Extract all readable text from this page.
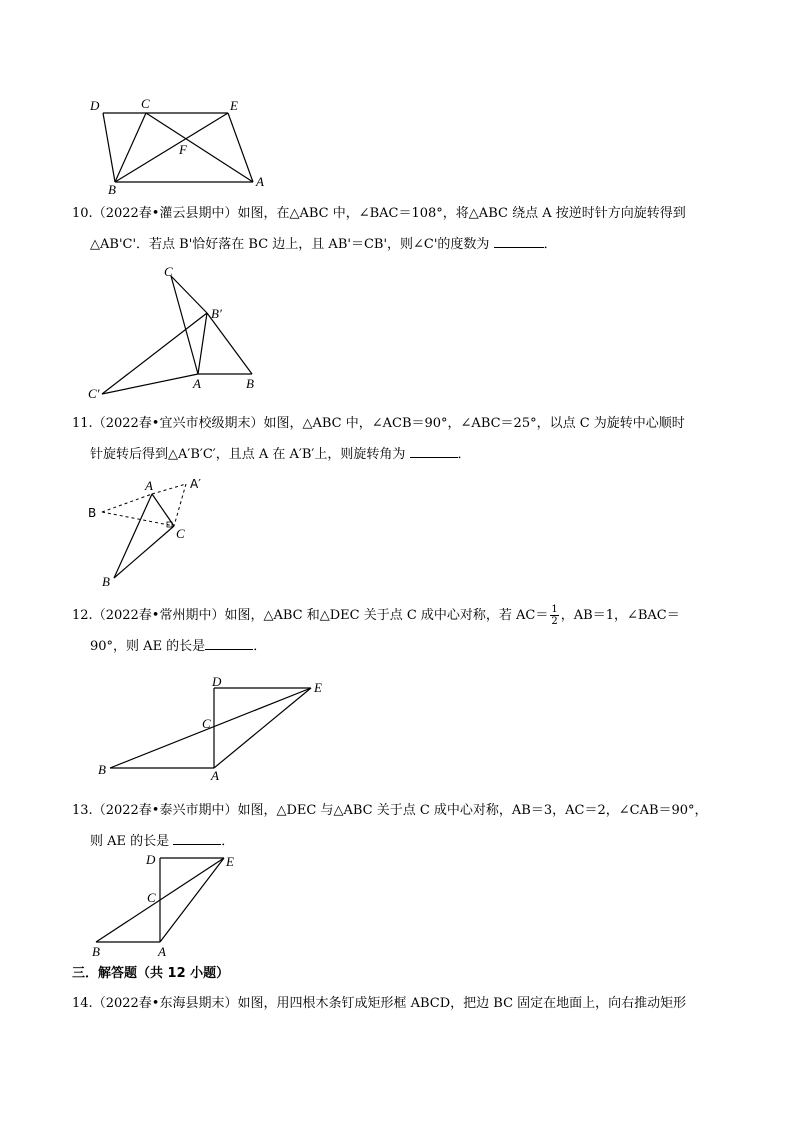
D	C	E
F
B
A
10.（2022春•灌云县期中）如图，在△ABC 中，∠BAC＝108°，将△ABC 绕点 A 按逆时针方向旋转得到
△AB'C'．若点 B'恰好落在 BC 边上，且 AB'＝CB'，则∠C'的度数为	．
C
B′
C′
A	B
11.（2022春•宜兴市校级期末）如图，△ABC 中，∠ACB＝90°，∠ABC＝25°，以点 C 为旋转中心顺时
针旋转后得到△A′B′C′，且点 A 在 A′B′上，则旋转角为	．
A	A′
B
C
B
12.（2022春•常州期中）如图，△ABC 和△DEC 关于点 C 成中心对称，若 $AC= \frac{1}{2}$ ，AB＝1，∠BAC＝
90°，则 AE 的长是	．
D	E
C
B	A
13.（2022春•泰兴市期中）如图，△DEC 与△ABC 关于点 C 成中心对称，AB＝3，AC＝2，∠CAB＝90°，
则 AE 的长是	．
D	E
C
B	A
三．解答题（共 12 小题）
14.（2022春•东海县期末）如图，用四根木条钉成矩形框 ABCD，把边 BC 固定在地面上，向右推动矩形
